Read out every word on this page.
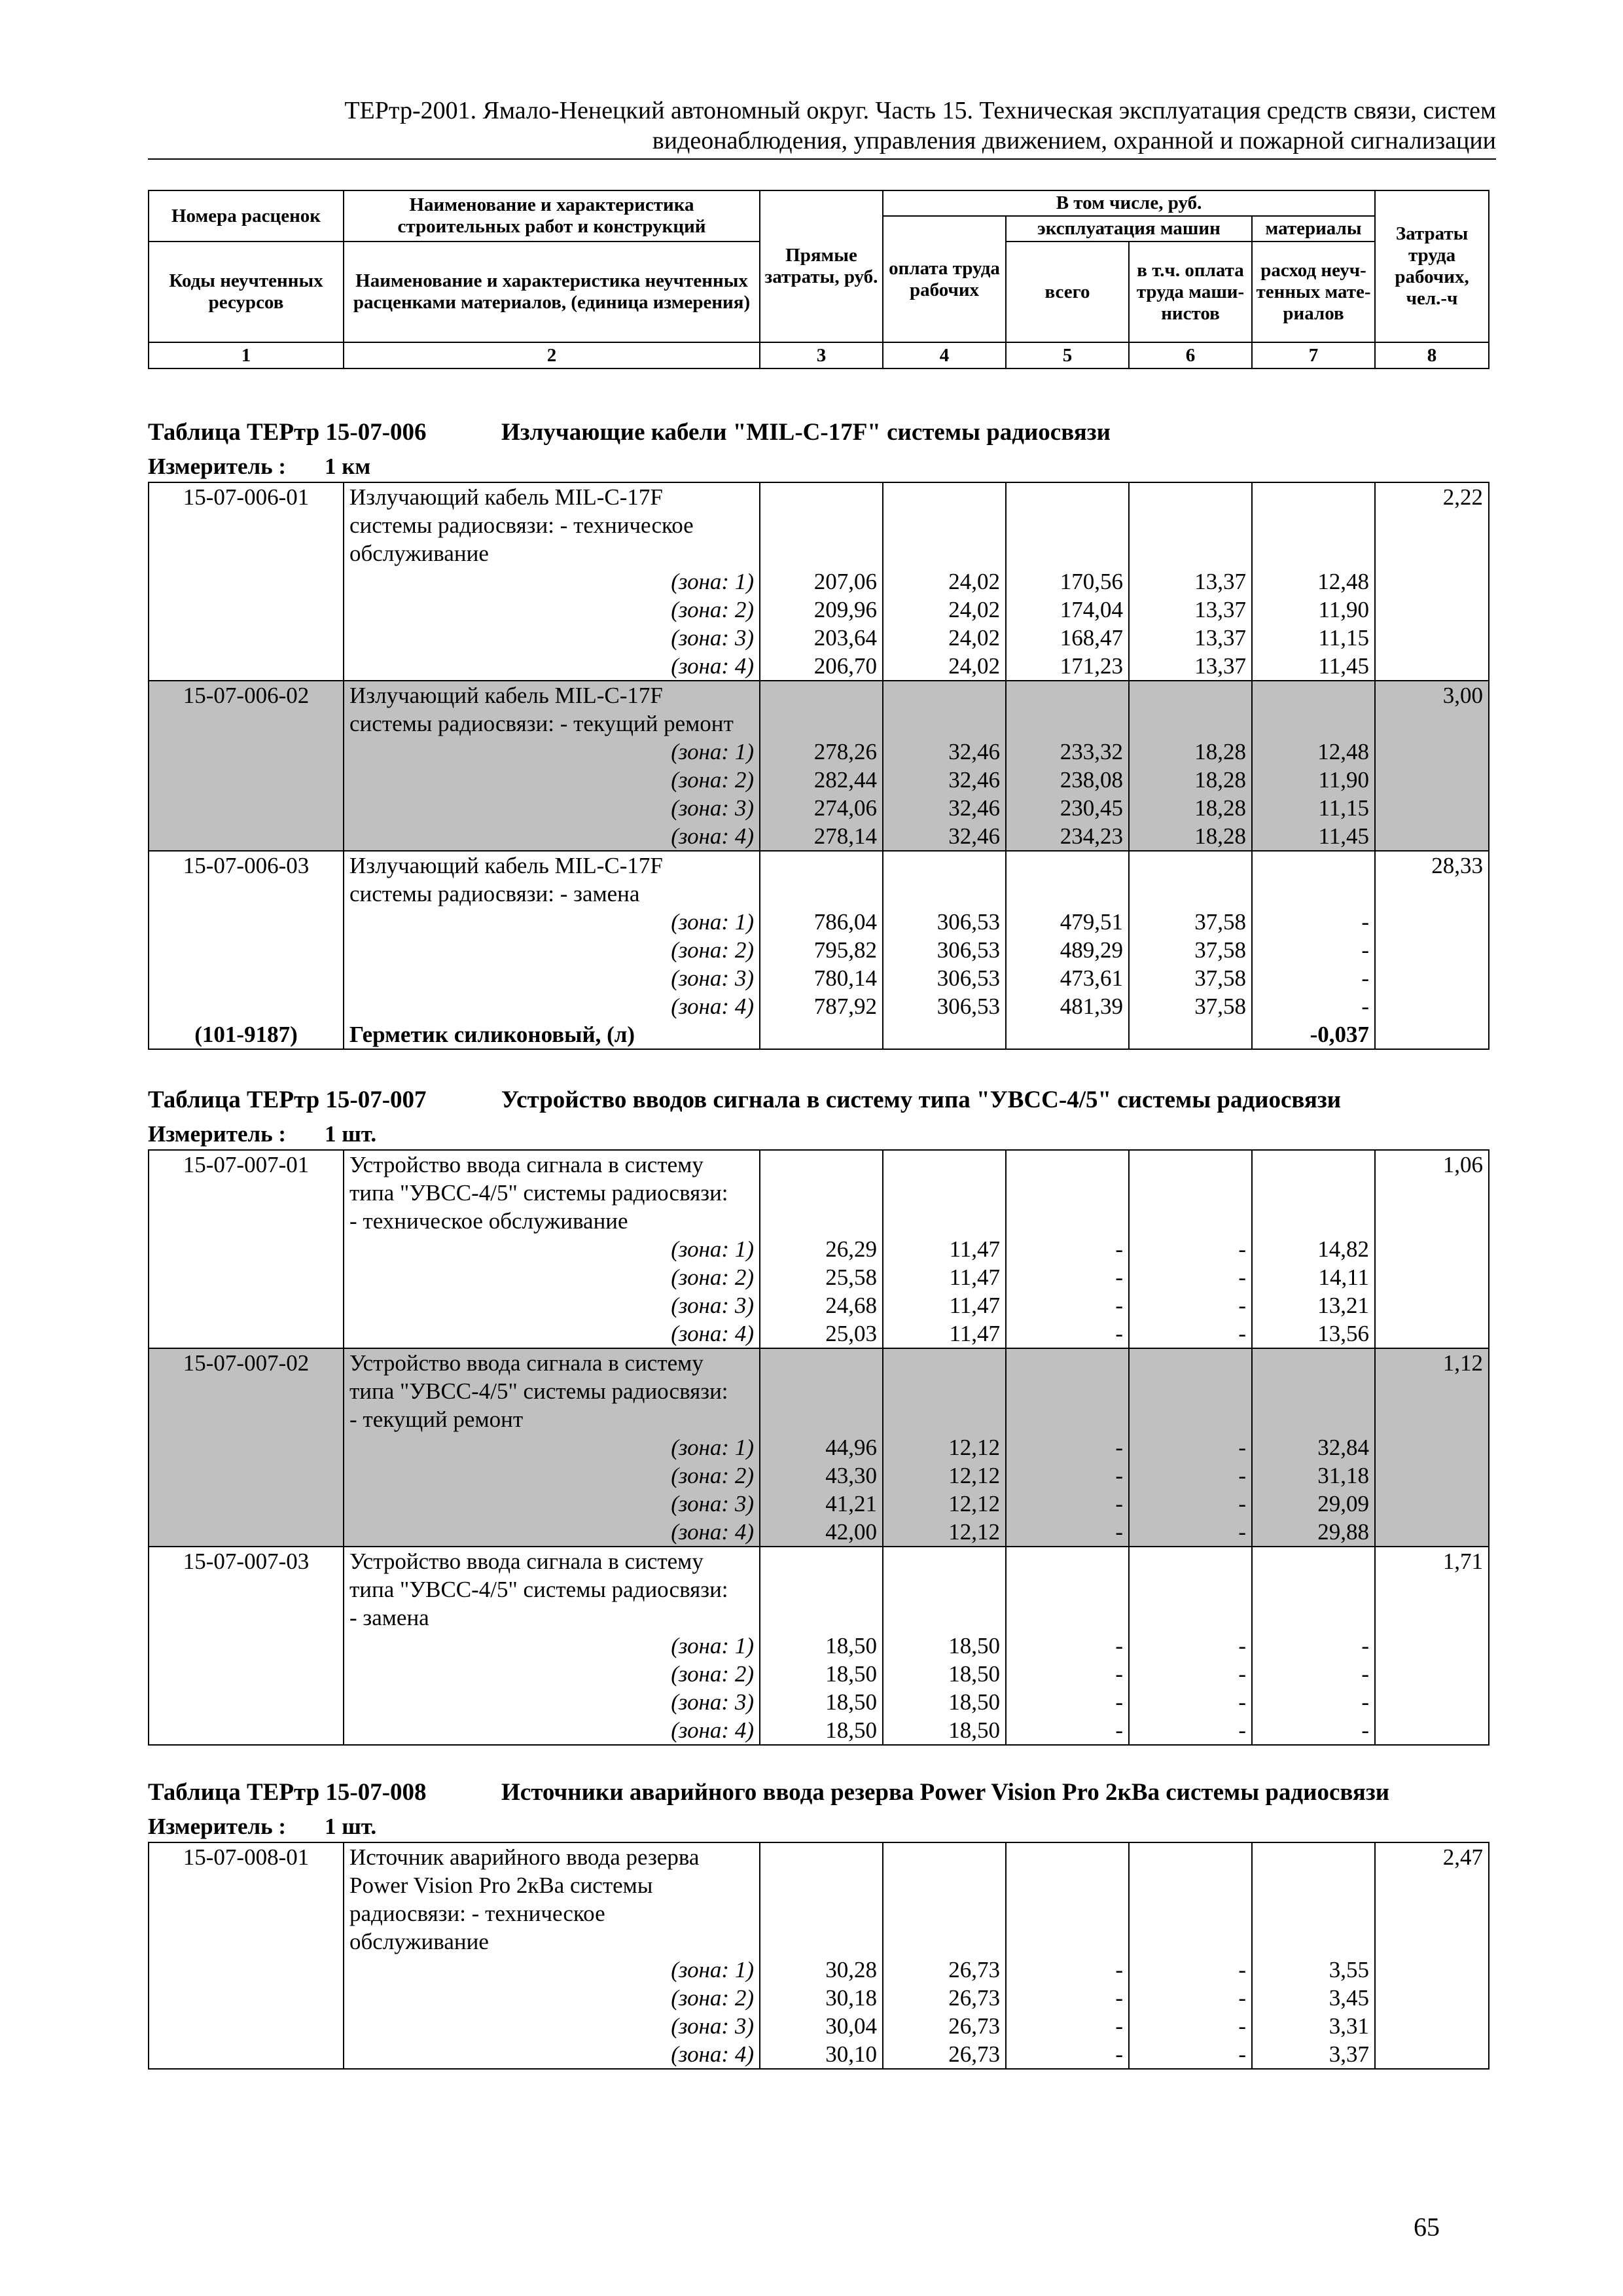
ТЕРтр-2001. Ямало-Ненецкий автономный округ. Часть 15. Техническая эксплуатация средств связи, систем
видеонаблюдения, управления движением, охранной и пожарной сигнализации
Номера расценок	Наименование и характеристика строительных работ и конструкций	Прямые затраты, руб.	В том числе, руб.				Затраты труда рабочих, чел.-ч
			оплата труда рабочих	эксплуатация машин		материалы	
Коды неучтенных ресурсов	Наименование и характеристика неучтенных расценками материалов, (единица измерения)			всего	в т.ч. оплата труда маши-нистов	расход неуч-тенных мате-риалов	

1	2	3	4	5	6	7	8
Таблица ТЕРтр 15-07-006	Излучающие кабели "MIL-C-17F" системы радиосвязи
Измеритель : 1 км
15-07-006-01	Излучающий кабель MIL-C-17F						2,22
	системы радиосвязи: - техническое						
	обслуживание						
	(зона: 1)	207,06	24,02	170,56	13,37	12,48	
	(зона: 2)	209,96	24,02	174,04	13,37	11,90	
	(зона: 3)	203,64	24,02	168,47	13,37	11,15	
	(зона: 4)	206,70	24,02	171,23	13,37	11,45	
15-07-006-02	Излучающий кабель MIL-C-17F						3,00
	системы радиосвязи: - текущий ремонт						
	(зона: 1)	278,26	32,46	233,32	18,28	12,48	
	(зона: 2)	282,44	32,46	238,08	18,28	11,90	
	(зона: 3)	274,06	32,46	230,45	18,28	11,15	
	(зона: 4)	278,14	32,46	234,23	18,28	11,45	
15-07-006-03	Излучающий кабель MIL-C-17F						28,33
	системы радиосвязи: - замена						
	(зона: 1)	786,04	306,53	479,51	37,58	-	
	(зона: 2)	795,82	306,53	489,29	37,58	-	
	(зона: 3)	780,14	306,53	473,61	37,58	-	
	(зона: 4)	787,92	306,53	481,39	37,58	-	
(101-9187)	Герметик силиконовый, (л)					-0,037	
Таблица ТЕРтр 15-07-007	Устройство вводов сигнала в систему типа "УВСС-4/5" системы радиосвязи
Измеритель : 1 шт.
15-07-007-01	Устройство ввода сигнала в систему						1,06
	типа "УВСС-4/5" системы радиосвязи:						
	- техническое обслуживание						
	(зона: 1)	26,29	11,47	-	-	14,82	
	(зона: 2)	25,58	11,47	-	-	14,11	
	(зона: 3)	24,68	11,47	-	-	13,21	
	(зона: 4)	25,03	11,47	-	-	13,56	
15-07-007-02	Устройство ввода сигнала в систему						1,12
	типа "УВСС-4/5" системы радиосвязи:						
	- текущий ремонт						
	(зона: 1)	44,96	12,12	-	-	32,84	
	(зона: 2)	43,30	12,12	-	-	31,18	
	(зона: 3)	41,21	12,12	-	-	29,09	
	(зона: 4)	42,00	12,12	-	-	29,88	
15-07-007-03	Устройство ввода сигнала в систему						1,71
	типа "УВСС-4/5" системы радиосвязи:						
	- замена						
	(зона: 1)	18,50	18,50	-	-	-	
	(зона: 2)	18,50	18,50	-	-	-	
	(зона: 3)	18,50	18,50	-	-	-	
	(зона: 4)	18,50	18,50	-	-	-	
Таблица ТЕРтр 15-07-008	Источники аварийного ввода резерва Power Vision Pro 2кВа системы радиосвязи
Измеритель : 1 шт.
15-07-008-01	Источник аварийного ввода резерва						2,47
	Power Vision Pro 2кВа системы						
	радиосвязи: - техническое						
	обслуживание						
	(зона: 1)	30,28	26,73	-	-	3,55	
	(зона: 2)	30,18	26,73	-	-	3,45	
	(зона: 3)	30,04	26,73	-	-	3,31	
	(зона: 4)	30,10	26,73	-	-	3,37	
65
